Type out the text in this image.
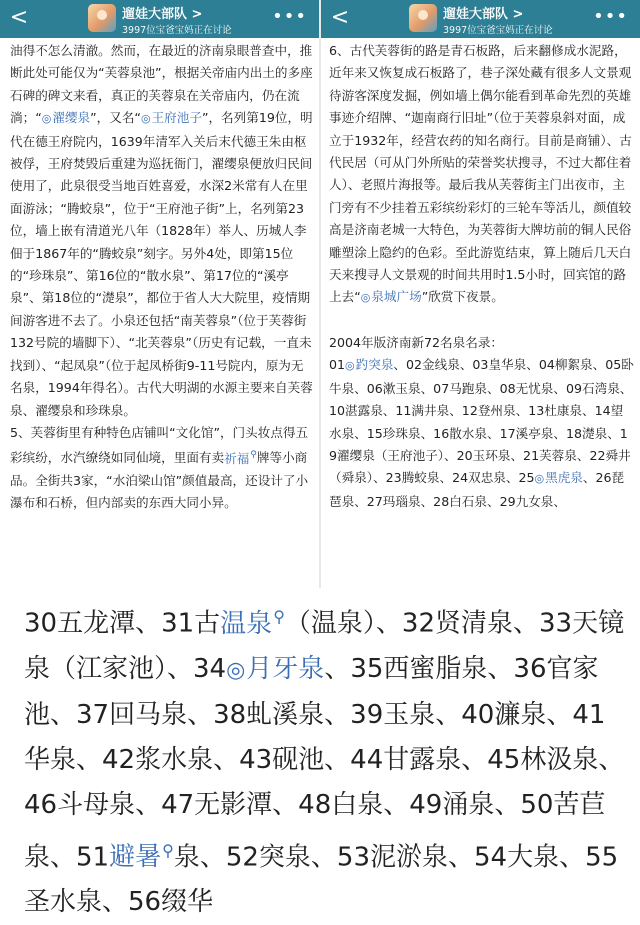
<	遛娃大部队 >
3997位宝爸宝妈正在讨论
•••
油得不怎么清澈。然而，在最近的济南泉眼普查中，推断此处可能仅为“芙蓉泉池”，根据关帝庙内出土的多座石碑的碑文来看，真正的芙蓉泉在关帝庙内，仍在流淌；“ ◎ 濯缨泉”，又名“ ◎ 王府池子”，名列第19位，明代在德王府院内，1639年清军入关后末代德王朱由枢被俘，王府焚毁后重建为巡抚衙门，濯缨泉便放归民间使用了，此泉很受当地百姓喜爱，水深2米常有人在里面游泳；“腾蛟泉”，位于“王府池子街”上，名列第23位，墙上嵌有清道光八年（1828年）举人、历城人李佃于1867年的“腾蛟泉”刻字。另外4处，即第15位的“珍珠泉”、第16位的“散水泉”、第17位的“溪亭泉”、第18位的“濋泉”，都位于省人大大院里，疫情期间游客进不去了。小泉还包括“南芙蓉泉”（位于芙蓉街132号院的墙脚下）、“北芙蓉泉”（历史有记载，一直未找到）、“起凤泉”（位于起凤桥街9-11号院内，原为无名泉，1994年得名）。古代大明湖的水源主要来自芙蓉泉、濯缨泉和珍珠泉。
5、芙蓉街里有种特色店铺叫“文化馆”，门头妆点得五彩缤纷，水汽缭绕如同仙境，里面有卖祈福 ⚲ 牌等小商品。全街共3家，“水泊梁山馆”颜值最高，还设计了小瀑布和石桥，但内部卖的东西大同小异。
<	遛娃大部队 >
3997位宝爸宝妈正在讨论
•••
6、古代芙蓉街的路是青石板路，后来翻修成水泥路，近年来又恢复成石板路了，巷子深处藏有很多人文景观待游客深度发掘，例如墙上偶尔能看到革命先烈的英雄事迹介绍牌、“迦南商行旧址”（位于芙蓉泉斜对面，成立于1932年，经营农药的知名商行。目前是商铺）、古代民居（可从门外所贴的荣誉奖状搜寻，不过大都住着人）、老照片海报等。最后我从芙蓉街主门出夜市，主门旁有不少挂着五彩缤纷彩灯的三轮车等活儿，颜值较高是济南老城一大特色，为芙蓉街大牌坊前的铜人民俗雕塑涂上隐约的色彩。至此游览结束，算上随后几天白天来搜寻人文景观的时间共用时1.5小时，回宾馆的路上去“ ◎ 泉城广场”欣赏下夜景。
2004年版济南新72名泉名录：
01 ◎ 趵突泉、02金线泉、03皇华泉、04柳絮泉、05卧牛泉、06漱玉泉、07马跑泉、08无忧泉、09石湾泉、10湛露泉、11满井泉、12登州泉、13杜康泉、14望水泉、15珍珠泉、16散水泉、17溪亭泉、18濋泉、19濯缨泉（王府池子）、20玉环泉、21芙蓉泉、22舜井（舜泉）、23腾蛟泉、24双忠泉、25 ◎ 黑虎泉、26琵琶泉、27玛瑙泉、28白石泉、29九女泉、
30五龙潭、31古温泉 ⚲ （温泉）、32贤清泉、33天镜泉（江家池）、34 ◎ 月牙泉、35西蜜脂泉、36官家池、37回马泉、38虬溪泉、39玉泉、40濂泉、41华泉、42浆水泉、43砚池、44甘露泉、45林汲泉、46斗母泉、47无影潭、48白泉、49涌泉、50苦苣泉、51避暑 ⚲ 泉、52突泉、53泥淤泉、54大泉、55圣水泉、56缀华
